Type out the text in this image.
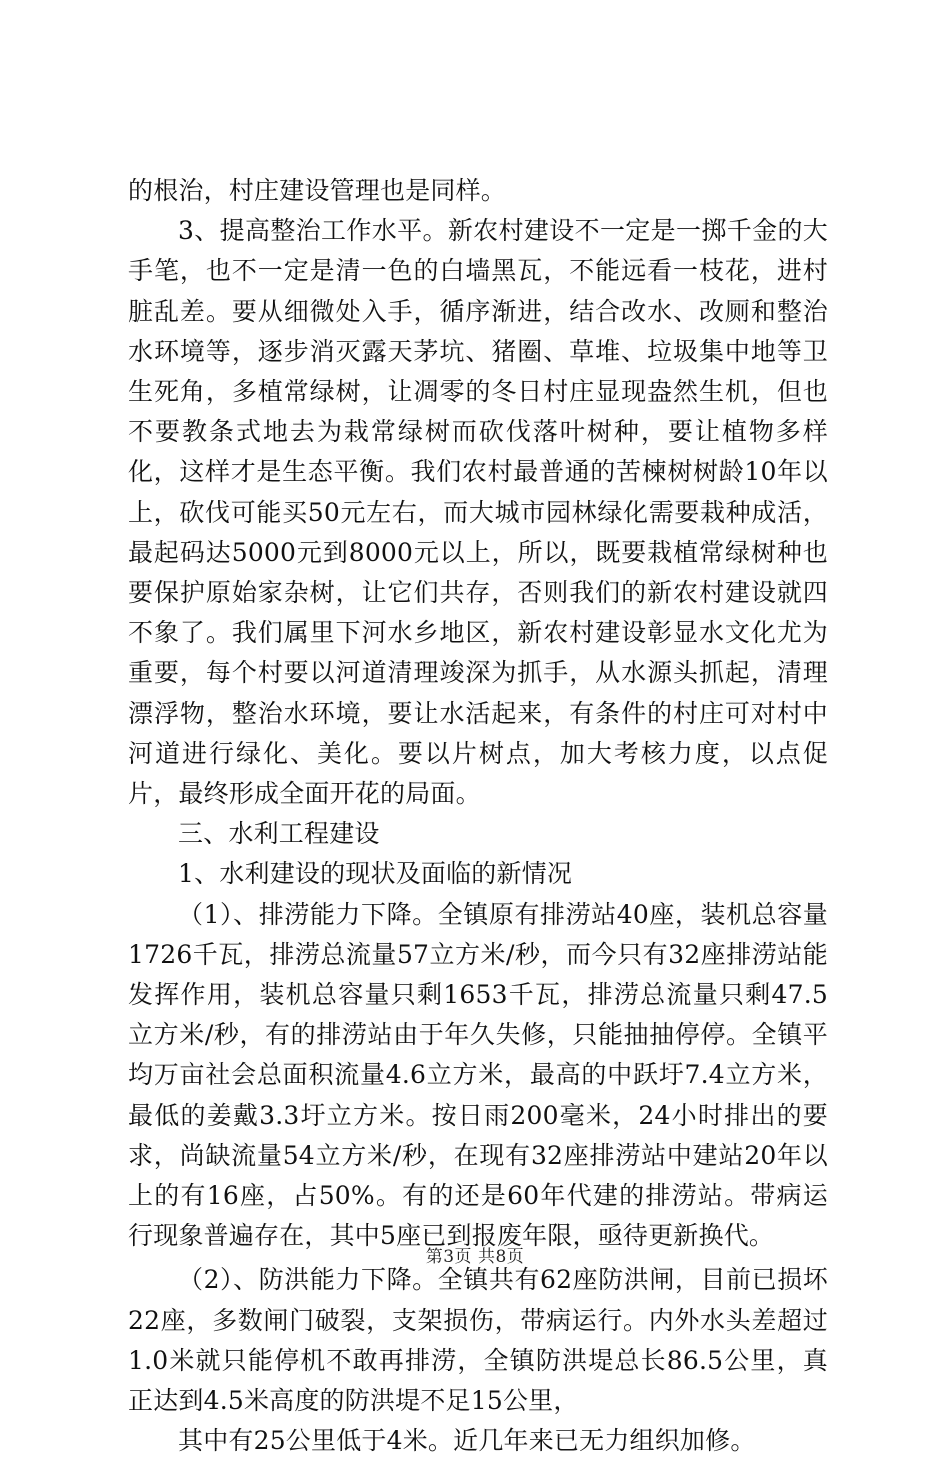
的根治，村庄建设管理也是同样。

3、提高整治工作水平。新农村建设不一定是一掷千金的大手笔，也不一定是清一色的白墙黑瓦，不能远看一枝花，进村脏乱差。要从细微处入手，循序渐进，结合改水、改厕和整治水环境等，逐步消灭露天茅坑、猪圈、草堆、垃圾集中地等卫生死角，多植常绿树，让凋零的冬日村庄显现盎然生机，但也不要教条式地去为栽常绿树而砍伐落叶树种，要让植物多样化，这样才是生态平衡。我们农村最普通的苦楝树树龄10年以上，砍伐可能买50元左右，而大城市园林绿化需要栽种成活，最起码达5000元到8000元以上，所以，既要栽植常绿树种也要保护原始家杂树，让它们共存，否则我们的新农村建设就四不象了。我们属里下河水乡地区，新农村建设彰显水文化尤为重要，每个村要以河道清理竣深为抓手，从水源头抓起，清理漂浮物，整治水环境，要让水活起来，有条件的村庄可对村中河道进行绿化、美化。要以片树点，加大考核力度，以点促片，最终形成全面开花的局面。

三、水利工程建设

1、水利建设的现状及面临的新情况

（1）、排涝能力下降。全镇原有排涝站40座，装机总容量1726千瓦，排涝总流量57立方米/秒，而今只有32座排涝站能发挥作用，装机总容量只剩1653千瓦，排涝总流量只剩47.5立方米/秒，有的排涝站由于年久失修，只能抽抽停停。全镇平均万亩社会总面积流量4.6立方米，最高的中跃圩7.4立方米，最低的姜戴3.3圩立方米。按日雨200毫米，24小时排出的要求，尚缺流量54立方米/秒，在现有32座排涝站中建站20年以上的有16座，占50%。有的还是60年代建的排涝站。带病运行现象普遍存在，其中5座已到报废年限，亟待更新换代。

（2）、防洪能力下降。全镇共有62座防洪闸，目前已损坏22座，多数闸门破裂，支架损伤，带病运行。内外水头差超过1.0米就只能停机不敢再排涝，全镇防洪堤总长86.5公里，真正达到4.5米高度的防洪堤不足15公里，

其中有25公里低于4米。近几年来已无力组织加修。

第3页 共8页
